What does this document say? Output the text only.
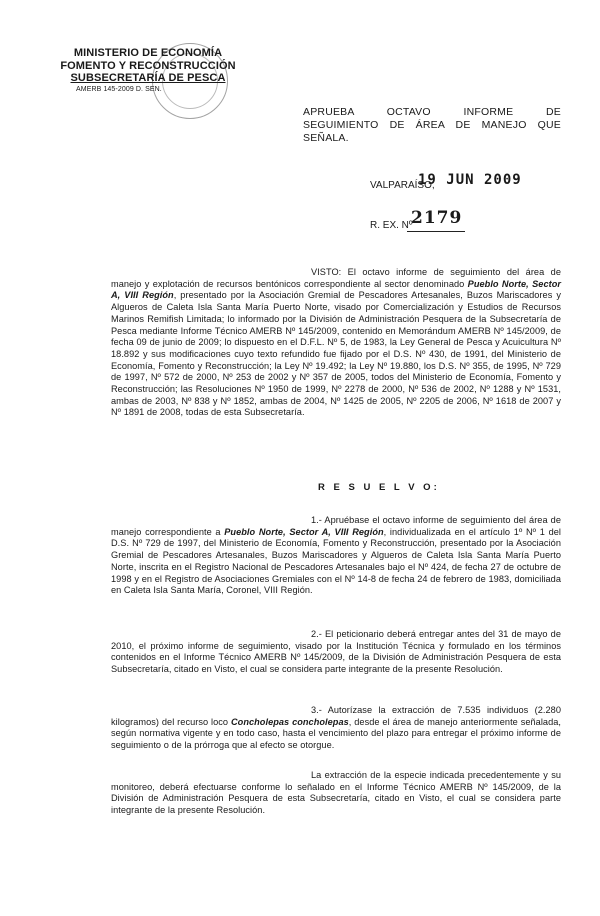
MINISTERIO DE ECONOMÍA
FOMENTO Y RECONSTRUCCIÓN
SUBSECRETARÍA DE PESCA
AMERB 145-2009 D. SEN.
APRUEBA OCTAVO INFORME DE SEGUIMIENTO DE ÁREA DE MANEJO QUE SEÑALA.
VALPARAÍSO,
19 JUN 2009
R. EX. Nº
2179

VISTO: El octavo informe de seguimiento del área de manejo y explotación de recursos bentónicos correspondiente al sector denominado Pueblo Norte, Sector A, VIII Región, presentado por la Asociación Gremial de Pescadores Artesanales, Buzos Mariscadores y Algueros de Caleta Isla Santa María Puerto Norte, visado por Comercialización y Estudios de Recursos Marinos Remifish Limitada; lo informado por la División de Administración Pesquera de la Subsecretaría de Pesca mediante Informe Técnico AMERB Nº 145/2009, contenido en Memorándum AMERB Nº 145/2009, de fecha 09 de junio de 2009; lo dispuesto en el D.F.L. Nº 5, de 1983, la Ley General de Pesca y Acuicultura Nº 18.892 y sus modificaciones cuyo texto refundido fue fijado por el D.S. Nº 430, de 1991, del Ministerio de Economía, Fomento y Reconstrucción; la Ley Nº 19.492; la Ley Nº 19.880, los D.S. Nº 355, de 1995, Nº 729 de 1997, Nº 572 de 2000, Nº 253 de 2002 y Nº 357 de 2005, todos del Ministerio de Economía, Fomento y Reconstrucción; las Resoluciones Nº 1950 de 1999, Nº 2278 de 2000, Nº 536 de 2002, Nº 1288 y Nº 1531, ambas de 2003, Nº 838 y Nº 1852, ambas de 2004, Nº 1425 de 2005, Nº 2205 de 2006, Nº 1618 de 2007 y Nº 1891 de 2008, todas de esta Subsecretaría.

R E S U E L V O:

1.- Apruébase el octavo informe de seguimiento del área de manejo correspondiente a Pueblo Norte, Sector A, VIII Región, individualizada en el artículo 1º Nº 1 del D.S. Nº 729 de 1997, del Ministerio de Economía, Fomento y Reconstrucción, presentado por la Asociación Gremial de Pescadores Artesanales, Buzos Mariscadores y Algueros de Caleta Isla Santa María Puerto Norte, inscrita en el Registro Nacional de Pescadores Artesanales bajo el Nº 424, de fecha 27 de octubre de 1998 y en el Registro de Asociaciones Gremiales con el Nº 14-8 de fecha 24 de febrero de 1983, domiciliada en Caleta Isla Santa María, Coronel, VIII Región.

2.- El peticionario deberá entregar antes del 31 de mayo de 2010, el próximo informe de seguimiento, visado por la Institución Técnica y formulado en los términos contenidos en el Informe Técnico AMERB Nº 145/2009, de la División de Administración Pesquera de esta Subsecretaría, citado en Visto, el cual se considera parte integrante de la presente Resolución.

3.- Autorízase la extracción de 7.535 individuos (2.280 kilogramos) del recurso loco Concholepas concholepas, desde el área de manejo anteriormente señalada, según normativa vigente y en todo caso, hasta el vencimiento del plazo para entregar el próximo informe de seguimiento o de la prórroga que al efecto se otorgue.

La extracción de la especie indicada precedentemente y su monitoreo, deberá efectuarse conforme lo señalado en el Informe Técnico AMERB Nº 145/2009, de la División de Administración Pesquera de esta Subsecretaría, citado en Visto, el cual se considera parte integrante de la presente Resolución.
